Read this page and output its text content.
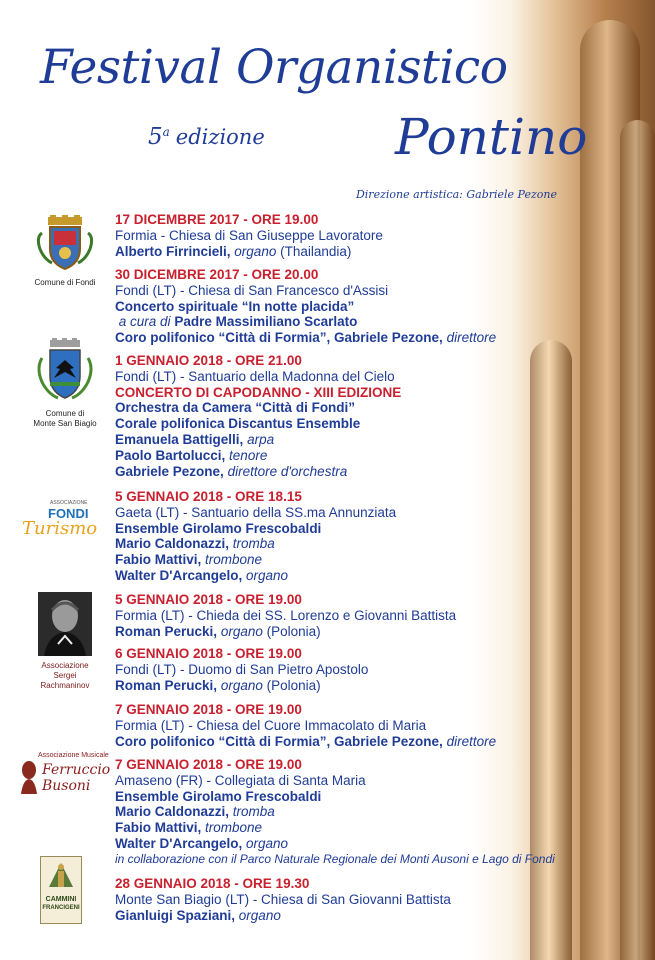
Festival Organistico
5$^a$ edizione	Pontino
Direzione artistica: Gabriele Pezone
Comune di Fondi
Comune di
Monte San Biagio
ASSOCIAZIONE
FONDI
Turismo
Associazione
Sergei Rachmaninov
Associazione Musicale
Ferruccio
Busoni
CAMMINI
FRANCIGENI
17 DICEMBRE 2017 - ORE 19.00
Formia - Chiesa di San Giuseppe Lavoratore
Alberto Firrincieli, organo (Thailandia)
30 DICEMBRE 2017 - ORE 20.00
Fondi (LT) - Chiesa di San Francesco d'Assisi
Concerto spirituale “In notte placida”
a cura di Padre Massimiliano Scarlato
Coro polifonico “Città di Formia”, Gabriele Pezone, direttore
1 GENNAIO 2018 - ORE 21.00
Fondi (LT) - Santuario della Madonna del Cielo
CONCERTO DI CAPODANNO - XIII EDIZIONE
Orchestra da Camera “Città di Fondi”
Corale polifonica Discantus Ensemble
Emanuela Battigelli, arpa
Paolo Bartolucci, tenore
Gabriele Pezone, direttore d'orchestra
5 GENNAIO 2018 - ORE 18.15
Gaeta (LT) - Santuario della SS.ma Annunziata
Ensemble Girolamo Frescobaldi
Mario Caldonazzi, tromba
Fabio Mattivi, trombone
Walter D'Arcangelo, organo
5 GENNAIO 2018 - ORE 19.00
Formia (LT) - Chieda dei SS. Lorenzo e Giovanni Battista
Roman Perucki, organo (Polonia)
6 GENNAIO 2018 - ORE 19.00
Fondi (LT) - Duomo di San Pietro Apostolo
Roman Perucki, organo (Polonia)
7 GENNAIO 2018 - ORE 19.00
Formia (LT) - Chiesa del Cuore Immacolato di Maria
Coro polifonico “Città di Formia”, Gabriele Pezone, direttore
7 GENNAIO 2018 - ORE 19.00
Amaseno (FR) - Collegiata di Santa Maria
Ensemble Girolamo Frescobaldi
Mario Caldonazzi, tromba
Fabio Mattivi, trombone
Walter D'Arcangelo, organo
in collaborazione con il Parco Naturale Regionale dei Monti Ausoni e Lago di Fondi
28 GENNAIO 2018 - ORE 19.30
Monte San Biagio (LT) - Chiesa di San Giovanni Battista
Gianluigi Spaziani, organo
